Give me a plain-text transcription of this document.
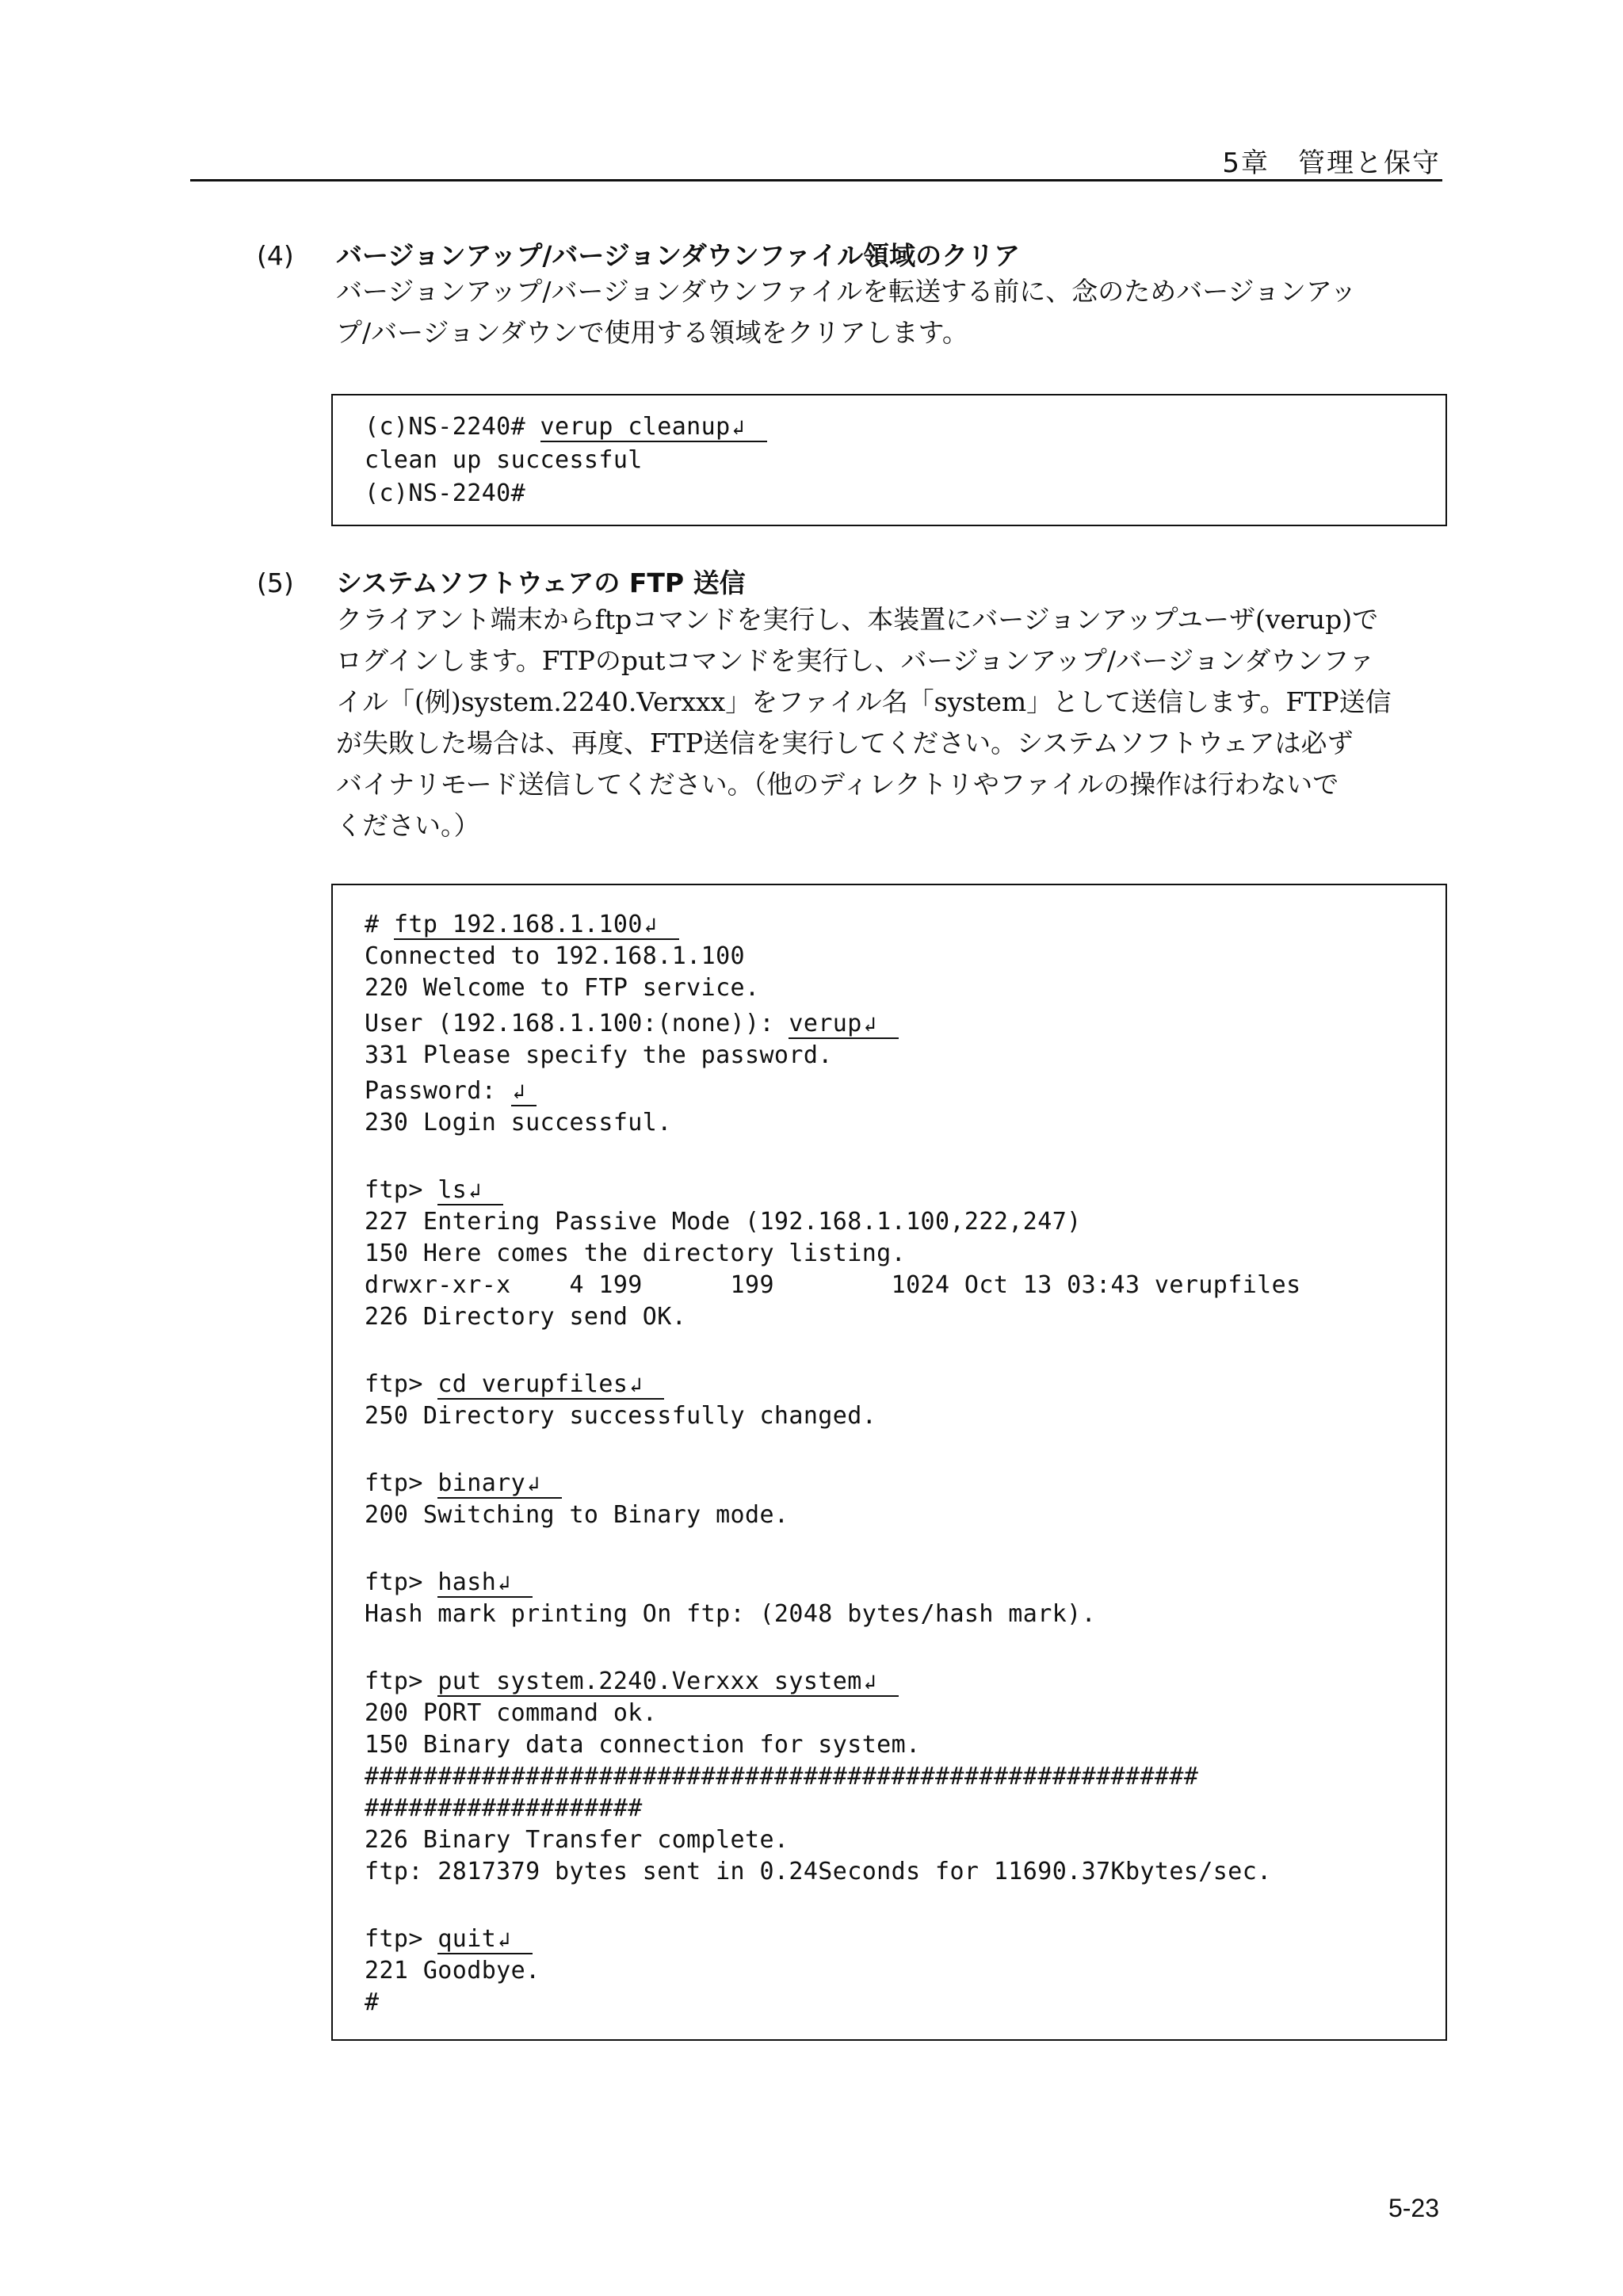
5章　管理と保守
(4) バージョンアップ/バージョンダウンファイル領域のクリア
バージョンアップ/バージョンダウンファイルを転送する前に、念のためバージョンアッ
プ/バージョンダウンで使用する領域をクリアします。
(c)NS-2240# verup cleanup↲
clean up successful
(c)NS-2240#
(5) システムソフトウェアの FTP 送信
クライアント端末からftpコマンドを実行し、本装置にバージョンアップユーザ(verup)で
ログインします。FTPのputコマンドを実行し、バージョンアップ/バージョンダウンファ
イル「(例)system.2240.Verxxx」をファイル名「system」として送信します。FTP送信
が失敗した場合は、再度、FTP送信を実行してください。システムソフトウェアは必ず
バイナリモード送信してください。（他のディレクトリやファイルの操作は行わないで
ください。）
# ftp 192.168.1.100↲
Connected to 192.168.1.100
220 Welcome to FTP service.
User (192.168.1.100:(none)): verup↲
331 Please specify the password.
Password: ↲
230 Login successful.
ftp> ls↲
227 Entering Passive Mode (192.168.1.100,222,247)
150 Here comes the directory listing.
drwxr-xr-x    4 199      199        1024 Oct 13 03:43 verupfiles
226 Directory send OK.
ftp> cd verupfiles↲
250 Directory successfully changed.
ftp> binary↲
200 Switching to Binary mode.
ftp> hash↲
Hash mark printing On ftp: (2048 bytes/hash mark).
ftp> put system.2240.Verxxx system↲
200 PORT command ok.
150 Binary data connection for system.
#########################################################
###################
226 Binary Transfer complete.
ftp: 2817379 bytes sent in 0.24Seconds for 11690.37Kbytes/sec.
ftp> quit↲
221 Goodbye.
#
5-23
